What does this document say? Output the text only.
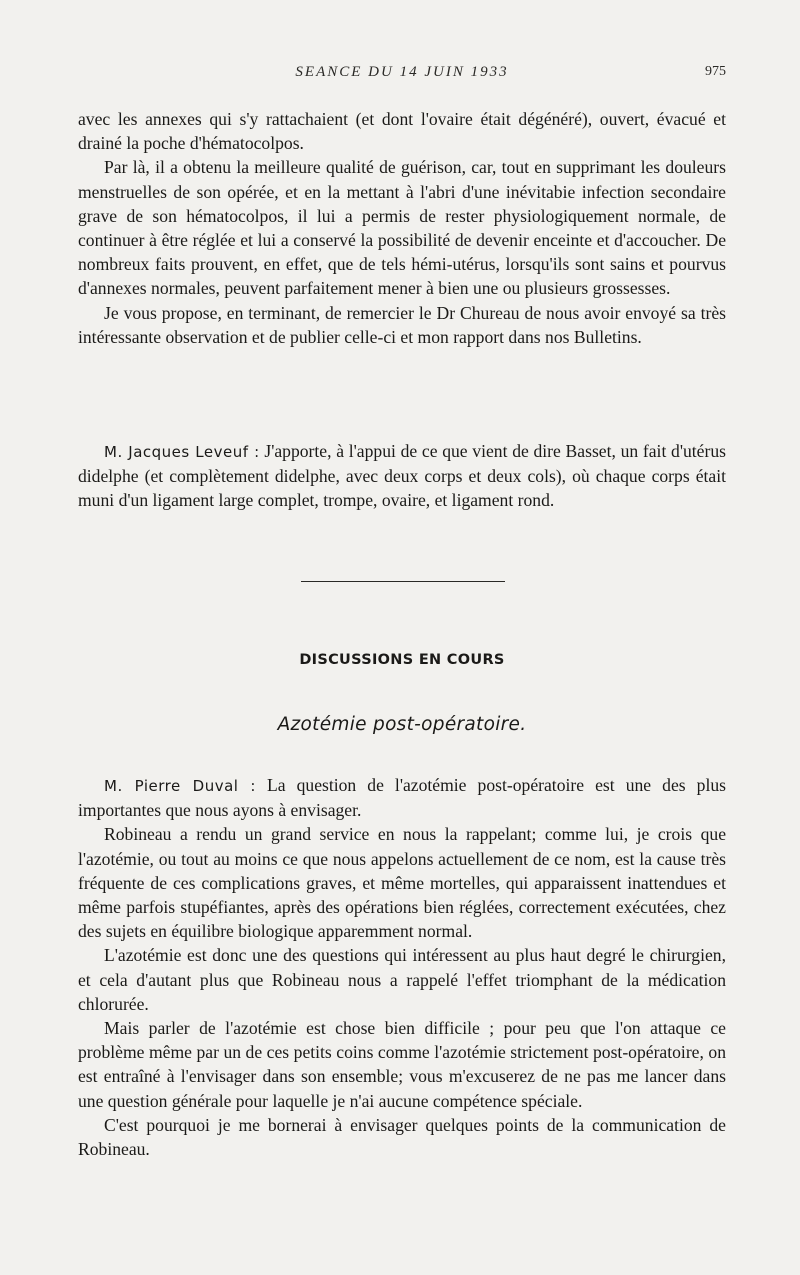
SEANCE DU 14 JUIN 1933	975

avec les annexes qui s'y rattachaient (et dont l'ovaire était dégénéré), ouvert, évacué et drainé la poche d'hématocolpos.

Par là, il a obtenu la meilleure qualité de guérison, car, tout en supprimant les douleurs menstruelles de son opérée, et en la mettant à l'abri d'une inévitabie infection secondaire grave de son hématocolpos, il lui a permis de rester physiologiquement normale, de continuer à être réglée et lui a conservé la possibilité de devenir enceinte et d'accoucher. De nombreux faits prouvent, en effet, que de tels hémi-utérus, lorsqu'ils sont sains et pourvus d'annexes normales, peuvent parfaitement mener à bien une ou plusieurs grossesses.

Je vous propose, en terminant, de remercier le Dr Chureau de nous avoir envoyé sa très intéressante observation et de publier celle-ci et mon rapport dans nos Bulletins.

M. Jacques Leveuf : J'apporte, à l'appui de ce que vient de dire Basset, un fait d'utérus didelphe (et complètement didelphe, avec deux corps et deux cols), où chaque corps était muni d'un ligament large complet, trompe, ovaire, et ligament rond.

DISCUSSIONS EN COURS
Azotémie post-opératoire.

M. Pierre Duval : La question de l'azotémie post-opératoire est une des plus importantes que nous ayons à envisager.

Robineau a rendu un grand service en nous la rappelant; comme lui, je crois que l'azotémie, ou tout au moins ce que nous appelons actuellement de ce nom, est la cause très fréquente de ces complications graves, et même mortelles, qui apparaissent inattendues et même parfois stupéfiantes, après des opérations bien réglées, correctement exécutées, chez des sujets en équilibre biologique apparemment normal.

L'azotémie est donc une des questions qui intéressent au plus haut degré le chirurgien, et cela d'autant plus que Robineau nous a rappelé l'effet triomphant de la médication chlorurée.

Mais parler de l'azotémie est chose bien difficile ; pour peu que l'on attaque ce problème même par un de ces petits coins comme l'azotémie strictement post-opératoire, on est entraîné à l'envisager dans son ensemble; vous m'excuserez de ne pas me lancer dans une question générale pour laquelle je n'ai aucune compétence spéciale.

C'est pourquoi je me bornerai à envisager quelques points de la communication de Robineau.
